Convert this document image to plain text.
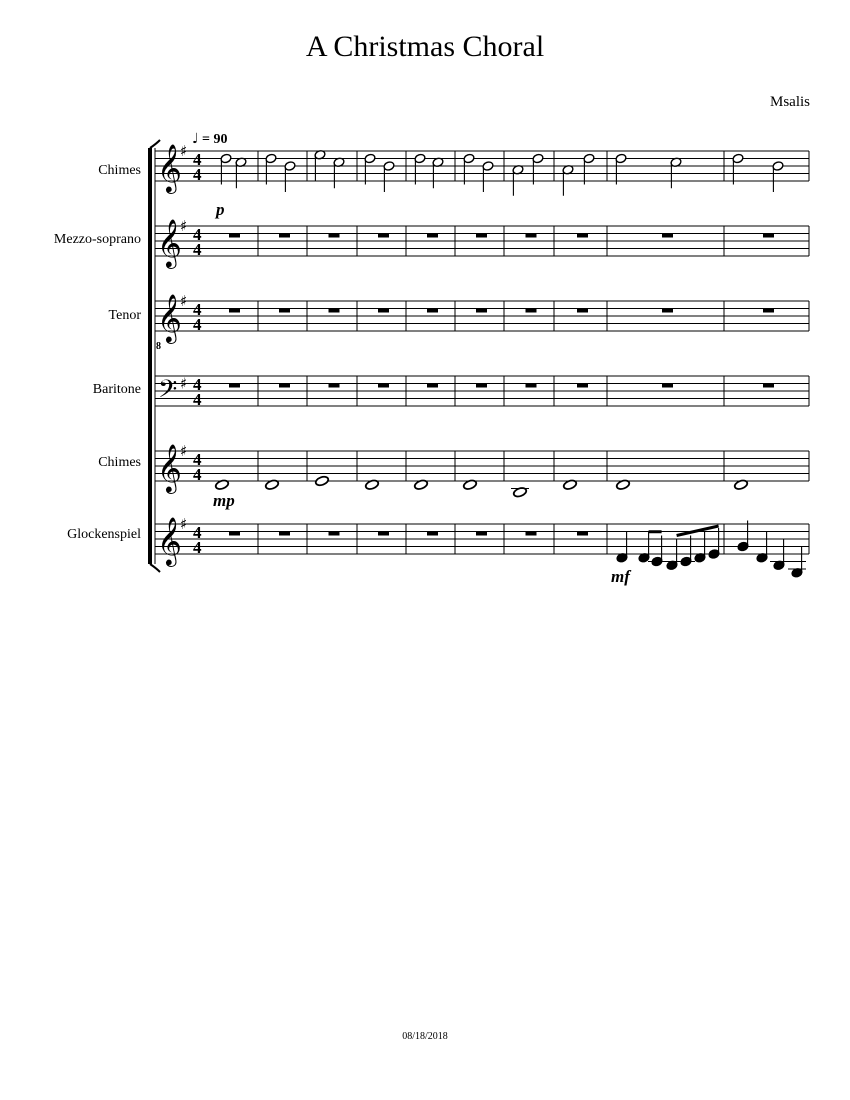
A Christmas Choral
Msalis
Chimes
Mezzo-soprano
Tenor
Baritone
Chimes
Glockenspiel
𝄞
♯ 4
4
𝄞
♯ 4
4
𝄞
♯ 4
4
𝄢 ♯ 4
4
𝄞
♯ 4
4
𝄞
♯ 4
4
♩ = 90
p
mp
mf
8
08/18/2018
